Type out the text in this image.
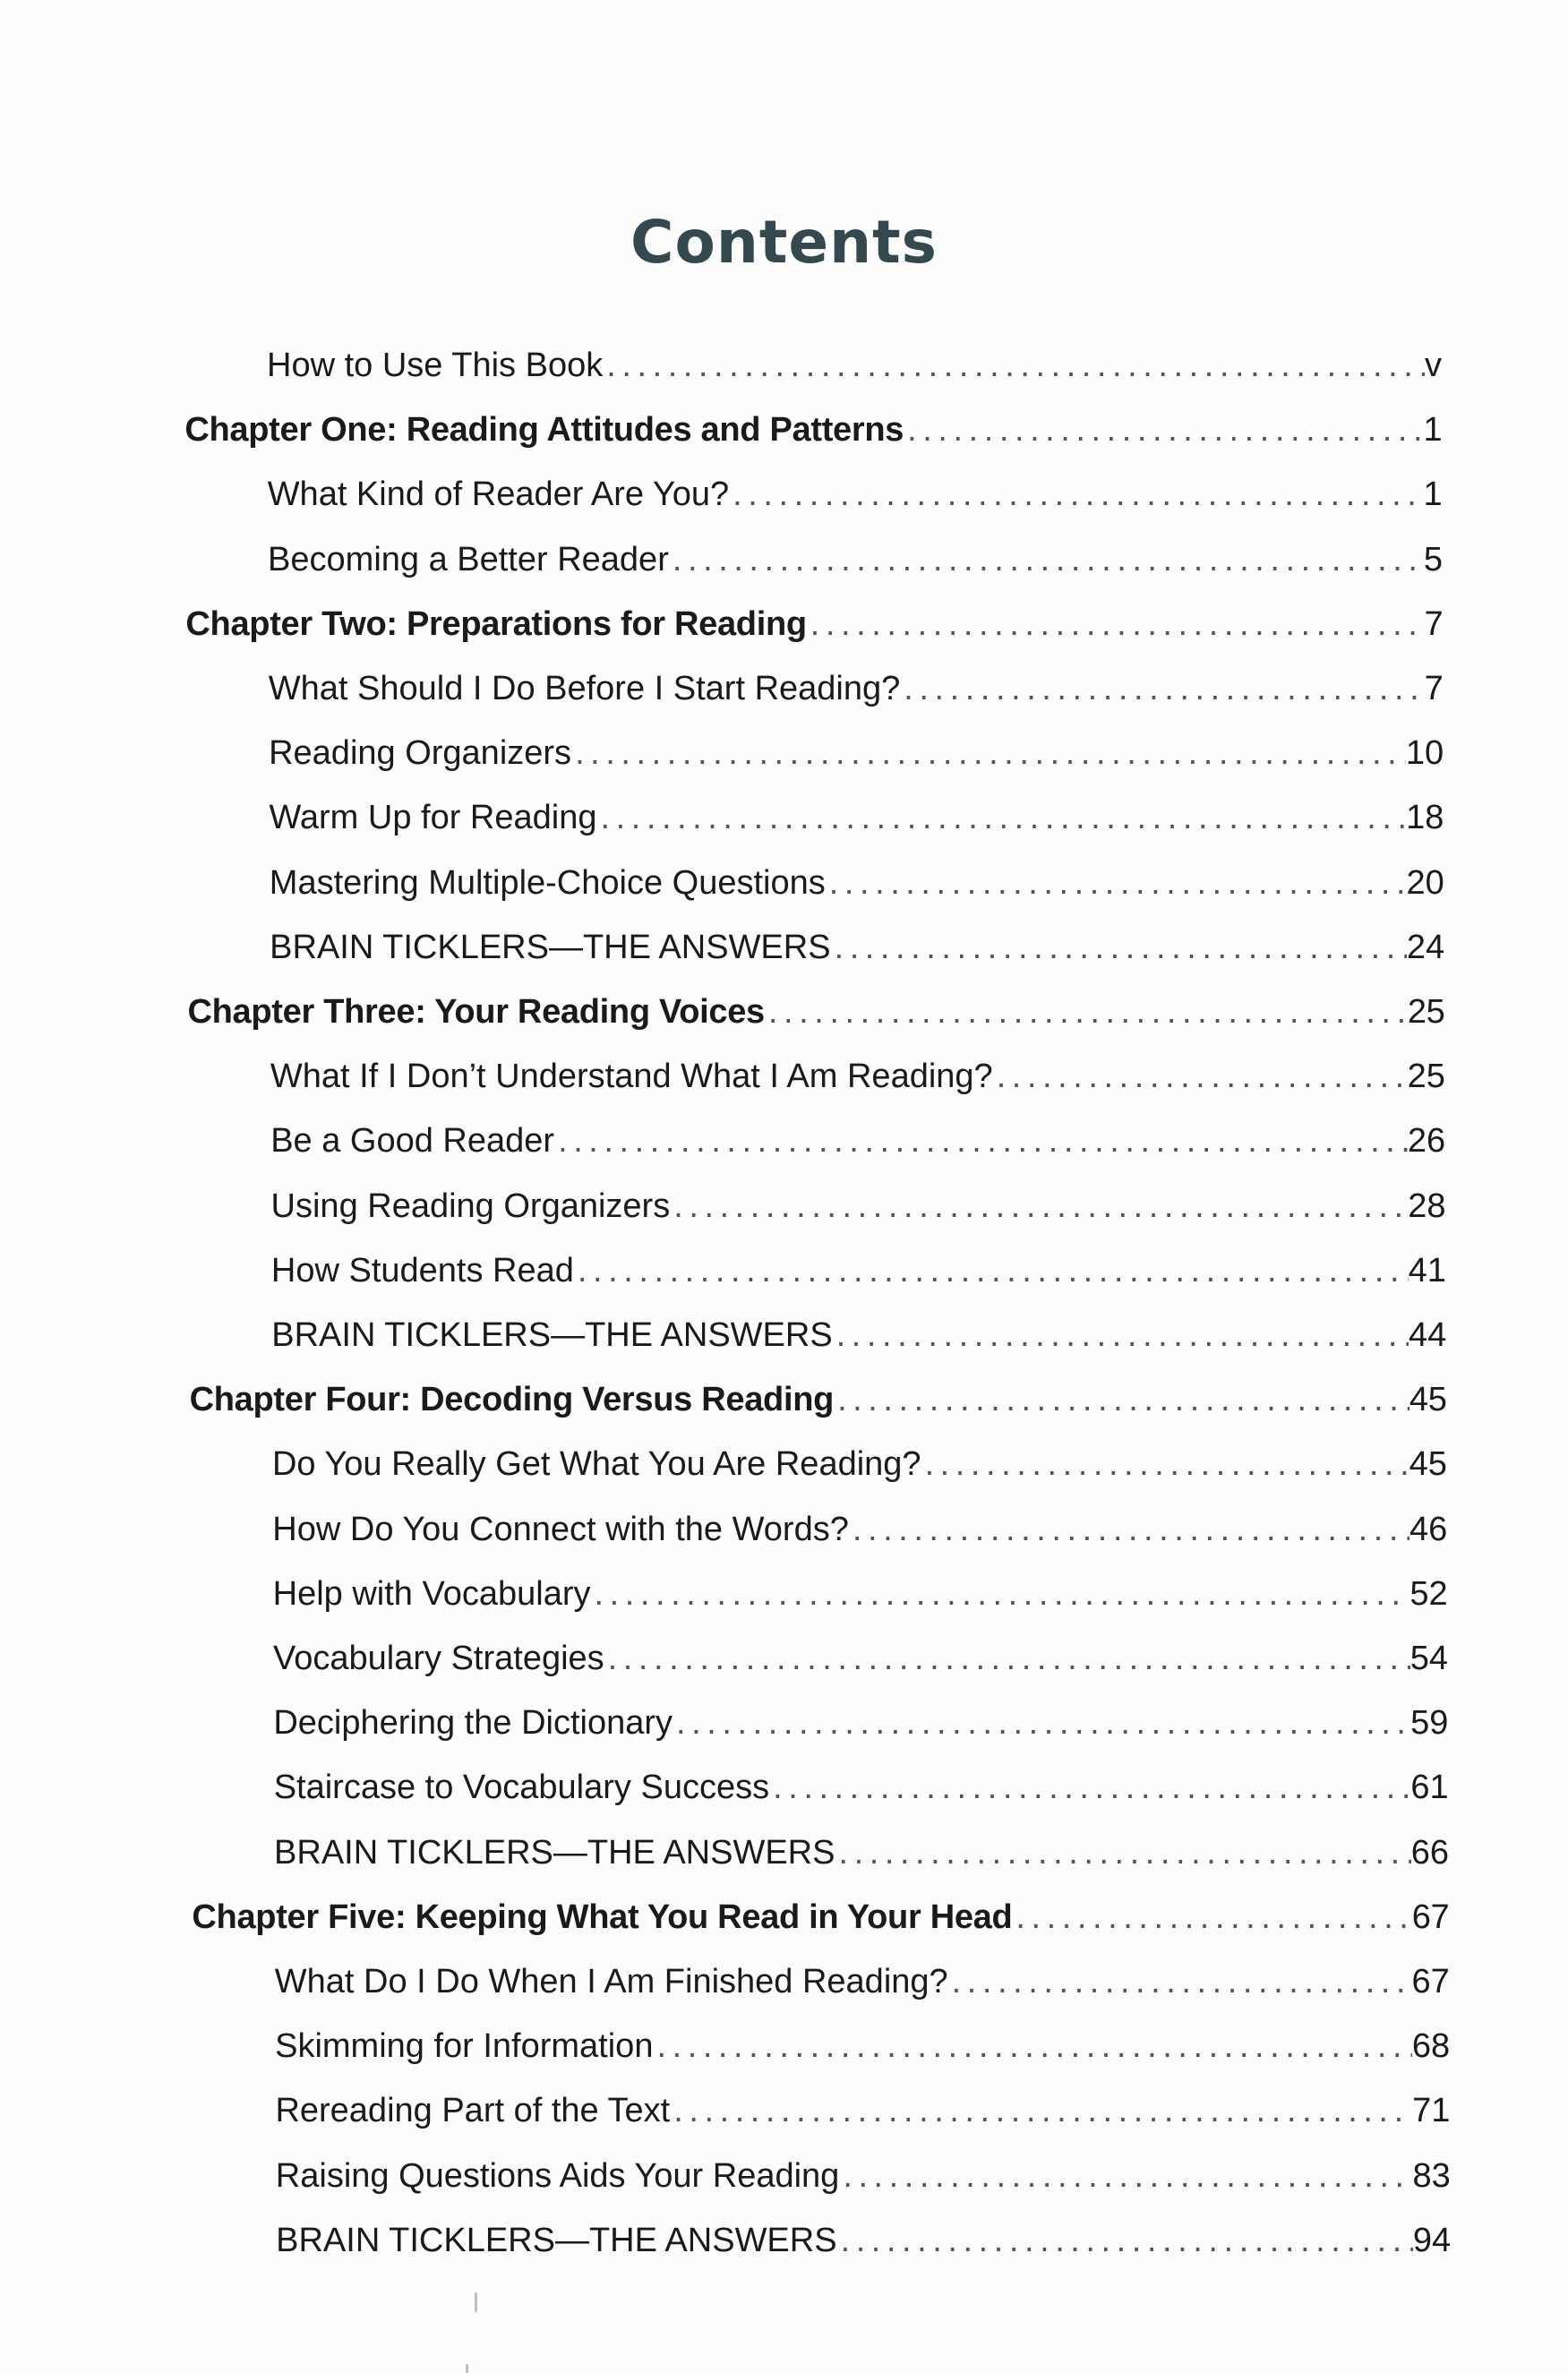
Contents
How to Use This Book . . .	v
Chapter One: Reading Attitudes and Patterns . . .	1
What Kind of Reader Are You? . . .	1
Becoming a Better Reader . . .	5
Chapter Two: Preparations for Reading . . .	7
What Should I Do Before I Start Reading? . . .	7
Reading Organizers . . .	10
Warm Up for Reading . . .	18
Mastering Multiple-Choice Questions . . .	20
BRAIN TICKLERS—THE ANSWERS . . .	24
Chapter Three: Your Reading Voices . . .	25
What If I Don’t Understand What I Am Reading? . . .	25
Be a Good Reader . . .	26
Using Reading Organizers . . .	28
How Students Read . . .	41
BRAIN TICKLERS—THE ANSWERS . . .	44
Chapter Four: Decoding Versus Reading . . .	45
Do You Really Get What You Are Reading? . . .	45
How Do You Connect with the Words? . . .	46
Help with Vocabulary . . .	52
Vocabulary Strategies . . .	54
Deciphering the Dictionary . . .	59
Staircase to Vocabulary Success . . .	61
BRAIN TICKLERS—THE ANSWERS . . .	66
Chapter Five: Keeping What You Read in Your Head . . .	67
What Do I Do When I Am Finished Reading? . . .	67
Skimming for Information . . .	68
Rereading Part of the Text . . .	71
Raising Questions Aids Your Reading . . .	83
BRAIN TICKLERS—THE ANSWERS . . .	94
